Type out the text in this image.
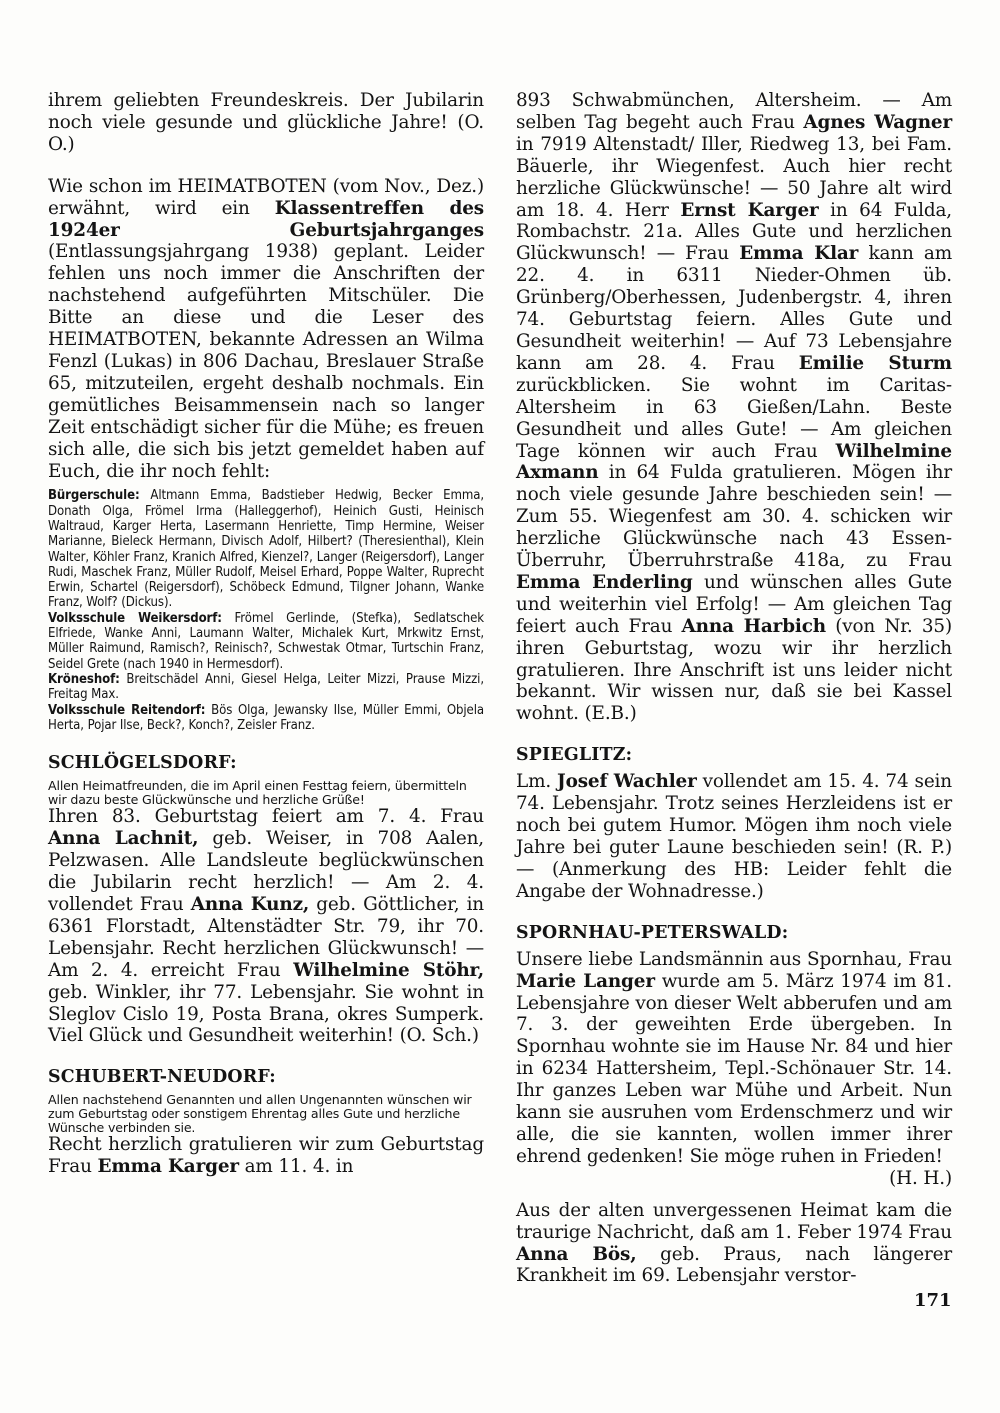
ihrem geliebten Freundeskreis. Der Jubilarin noch viele gesunde und glückliche Jahre! (O. O.)

Wie schon im HEIMATBOTEN (vom Nov., Dez.) erwähnt, wird ein Klassentreffen des 1924er Geburtsjahrganges (Entlassungsjahrgang 1938) geplant. Leider fehlen uns noch immer die Anschriften der nachstehend aufgeführten Mitschüler. Die Bitte an diese und die Leser des HEIMATBOTEN, bekannte Adressen an Wilma Fenzl (Lukas) in 806 Dachau, Breslauer Straße 65, mitzuteilen, ergeht deshalb nochmals. Ein gemütliches Beisammensein nach so langer Zeit entschädigt sicher für die Mühe; es freuen sich alle, die sich bis jetzt gemeldet haben auf Euch, die ihr noch fehlt:

Bürgerschule: Altmann Emma, Badstieber Hedwig, Becker Emma, Donath Olga, Frömel Irma (Halleggerhof), Heinich Gusti, Heinisch Waltraud, Karger Herta, Lasermann Henriette, Timp Hermine, Weiser Marianne, Bieleck Hermann, Divisch Adolf, Hilbert? (Theresienthal), Klein Walter, Köhler Franz, Kranich Alfred, Kienzel?, Langer (Reigersdorf), Langer Rudi, Maschek Franz, Müller Rudolf, Meisel Erhard, Poppe Walter, Ruprecht Erwin, Schartel (Reigersdorf), Schöbeck Edmund, Tilgner Johann, Wanke Franz, Wolf? (Dickus).

Volksschule Weikersdorf: Frömel Gerlinde, (Stefka), Sedlatschek Elfriede, Wanke Anni, Laumann Walter, Michalek Kurt, Mrkwitz Ernst, Müller Raimund, Ramisch?, Reinisch?, Schwestak Otmar, Turtschin Franz, Seidel Grete (nach 1940 in Hermesdorf).

Kröneshof: Breitschädel Anni, Giesel Helga, Leiter Mizzi, Prause Mizzi, Freitag Max.

Volksschule Reitendorf: Bös Olga, Jewansky Ilse, Müller Emmi, Objela Herta, Pojar Ilse, Beck?, Konch?, Zeisler Franz.

SCHLÖGELSDORF:

Allen Heimatfreunden, die im April einen Festtag feiern, übermitteln wir dazu beste Glückwünsche und herzliche Grüße!

Ihren 83. Geburtstag feiert am 7. 4. Frau Anna Lachnit, geb. Weiser, in 708 Aalen, Pelzwasen. Alle Landsleute beglückwünschen die Jubilarin recht herzlich! — Am 2. 4. vollendet Frau Anna Kunz, geb. Göttlicher, in 6361 Florstadt, Altenstädter Str. 79, ihr 70. Lebensjahr. Recht herzlichen Glückwunsch! — Am 2. 4. erreicht Frau Wilhelmine Stöhr, geb. Winkler, ihr 77. Lebensjahr. Sie wohnt in Sleglov Cislo 19, Posta Brana, okres Sumperk. Viel Glück und Gesundheit weiterhin! (O. Sch.)

SCHUBERT-NEUDORF:

Allen nachstehend Genannten und allen Ungenannten wünschen wir zum Geburtstag oder sonstigem Ehrentag alles Gute und herzliche Wünsche verbinden sie.

Recht herzlich gratulieren wir zum Geburtstag Frau Emma Karger am 11. 4. in

893 Schwabmünchen, Altersheim. — Am selben Tag begeht auch Frau Agnes Wagner in 7919 Altenstadt/ Iller, Riedweg 13, bei Fam. Bäuerle, ihr Wiegenfest. Auch hier recht herzliche Glückwünsche! — 50 Jahre alt wird am 18. 4. Herr Ernst Karger in 64 Fulda, Rombachstr. 21a. Alles Gute und herzlichen Glückwunsch! — Frau Emma Klar kann am 22. 4. in 6311 Nieder-Ohmen üb. Grünberg/Oberhessen, Judenbergstr. 4, ihren 74. Geburtstag feiern. Alles Gute und Gesundheit weiterhin! — Auf 73 Lebensjahre kann am 28. 4. Frau Emilie Sturm zurückblicken. Sie wohnt im Caritas-Altersheim in 63 Gießen/Lahn. Beste Gesundheit und alles Gute! — Am gleichen Tage können wir auch Frau Wilhelmine Axmann in 64 Fulda gratulieren. Mögen ihr noch viele gesunde Jahre beschieden sein! — Zum 55. Wiegenfest am 30. 4. schicken wir herzliche Glückwünsche nach 43 Essen-Überruhr, Überruhrstraße 418a, zu Frau Emma Enderling und wünschen alles Gute und weiterhin viel Erfolg! — Am gleichen Tag feiert auch Frau Anna Harbich (von Nr. 35) ihren Geburtstag, wozu wir ihr herzlich gratulieren. Ihre Anschrift ist uns leider nicht bekannt. Wir wissen nur, daß sie bei Kassel wohnt. (E.B.)

SPIEGLITZ:

Lm. Josef Wachler vollendet am 15. 4. 74 sein 74. Lebensjahr. Trotz seines Herzleidens ist er noch bei gutem Humor. Mögen ihm noch viele Jahre bei guter Laune beschieden sein! (R. P.) — (Anmerkung des HB: Leider fehlt die Angabe der Wohnadresse.)

SPORNHAU-PETERSWALD:

Unsere liebe Landsmännin aus Spornhau, Frau Marie Langer wurde am 5. März 1974 im 81. Lebensjahre von dieser Welt abberufen und am 7. 3. der geweihten Erde übergeben. In Spornhau wohnte sie im Hause Nr. 84 und hier in 6234 Hattersheim, Tepl.-Schönauer Str. 14. Ihr ganzes Leben war Mühe und Arbeit. Nun kann sie ausruhen vom Erdenschmerz und wir alle, die sie kannten, wollen immer ihrer ehrend gedenken! Sie möge ruhen in Frieden!

(H. H.)

Aus der alten unvergessenen Heimat kam die traurige Nachricht, daß am 1. Feber 1974 Frau Anna Bös, geb. Praus, nach längerer Krankheit im 69. Lebensjahr verstor-

171
